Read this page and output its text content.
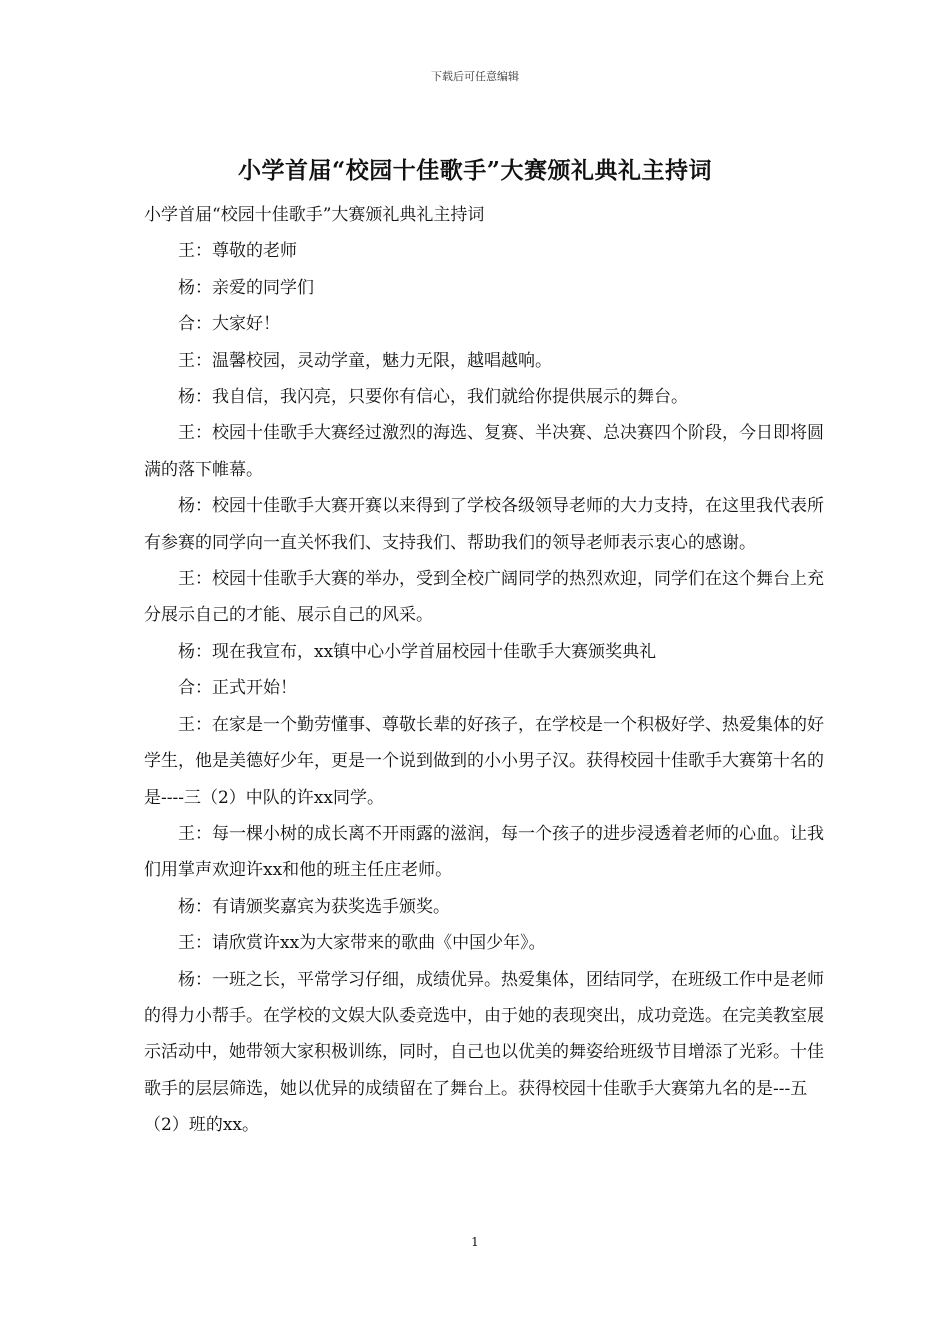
下载后可任意编辑
小学首届“校园十佳歌手”大赛颁礼典礼主持词

小学首届“校园十佳歌手”大赛颁礼典礼主持词

王：尊敬的老师

杨：亲爱的同学们

合：大家好！

王：温馨校园，灵动学童，魅力无限，越唱越响。

杨：我自信，我闪亮，只要你有信心，我们就给你提供展示的舞台。

王：校园十佳歌手大赛经过激烈的海选、复赛、半决赛、总决赛四个阶段，今日即将圆满的落下帷幕。

杨：校园十佳歌手大赛开赛以来得到了学校各级领导老师的大力支持，在这里我代表所有参赛的同学向一直关怀我们、支持我们、帮助我们的领导老师表示衷心的感谢。

王：校园十佳歌手大赛的举办，受到全校广阔同学的热烈欢迎，同学们在这个舞台上充分展示自己的才能、展示自己的风采。

杨：现在我宣布，xx镇中心小学首届校园十佳歌手大赛颁奖典礼

合：正式开始！

王：在家是一个勤劳懂事、尊敬长辈的好孩子，在学校是一个积极好学、热爱集体的好学生，他是美德好少年，更是一个说到做到的小小男子汉。获得校园十佳歌手大赛第十名的是----三（2）中队的许xx同学。

王：每一棵小树的成长离不开雨露的滋润，每一个孩子的进步浸透着老师的心血。让我们用掌声欢迎许xx和他的班主任庄老师。

杨：有请颁奖嘉宾为获奖选手颁奖。

王：请欣赏许xx为大家带来的歌曲《中国少年》。

杨：一班之长，平常学习仔细，成绩优异。热爱集体，团结同学，在班级工作中是老师的得力小帮手。在学校的文娱大队委竞选中，由于她的表现突出，成功竞选。在完美教室展示活动中，她带领大家积极训练，同时，自己也以优美的舞姿给班级节目增添了光彩。十佳歌手的层层筛选，她以优异的成绩留在了舞台上。获得校园十佳歌手大赛第九名的是---五（2）班的xx。

1
